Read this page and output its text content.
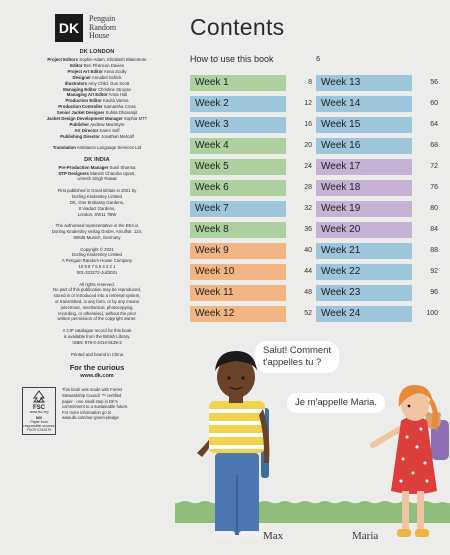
DK
Penguin
Random
House
DK LONDON
Project Editors Sophie Adam, Elizabeth Blakemore
Editor Ben Ffrancon Davies
Project Art Editor Anna Scully
Designer Annabel Schick
Illustrators Amy Child, Gus Scott
Managing Editor Christine Stroyan
Managing Art Editor Anna Hall
Production Editor Kavita Varma
Production Controller Samantha Cross
Senior Jacket Designer Suhita Dharamjit
Jacket Design Development Manager Sophia MTT
Publisher Andrew Macintyre
Art Director Karen Self
Publishing Director Jonathan Metcalf
Translation Ambiance Language Services Ltd
DK INDIA
Pre-Production Manager Sunil Sharma
DTP Designers Manish Chandra Upreti,
Umesh Singh Rawat
First published in Great Britain in 2021 by
Dorling Kindersley Limited
DK, One Embassy Gardens,
8 Viaduct Gardens,
London, SW11 7BW
The authorised representative in the EEA is
Dorling Kindersley Verlag GmbH. Arnulfstr. 124,
80636 Munich, Germany
Copyright © 2021
Dorling Kindersley Limited
A Penguin Random House Company
10 9 8 7 6 5 4 3 2 1
001-323272-Jul/2021
All rights reserved.
No part of this publication may be reproduced,
stored in or introduced into a retrieval system,
or transmitted, in any form, or by any means
(electronic, mechanical, photocopying,
recording, or otherwise), without the prior
written permission of the copyright owner.
A CIP catalogue record for this book
is available from the British Library.
ISBN: 978-0-2414-9139-3
Printed and bound in China
For the curious
www.dk.com
FSC
www.fsc.org
MIX
Paper from responsible sources
FSC® C018179
This book was made with Forest
Stewardship Council ™ certified
paper - one small step in DK's
commitment to a sustainable future.
For more information go to
www.dk.com/our-green-pledge
Contents
How to use this book	6
Week 1	8
Week 2	12
Week 3	16
Week 4	20
Week 5	24
Week 6	28
Week 7	32
Week 8	36
Week 9	40
Week 10	44
Week 11	48
Week 12	52
Week 13	56
Week 14	60
Week 15	64
Week 16	68
Week 17	72
Week 18	76
Week 19	80
Week 20	84
Week 21	88
Week 22	92
Week 23	96
Week 24	100
Salut! Comment
t'appelles tu ?
Je m'appelle Maria.
Max	Maria
